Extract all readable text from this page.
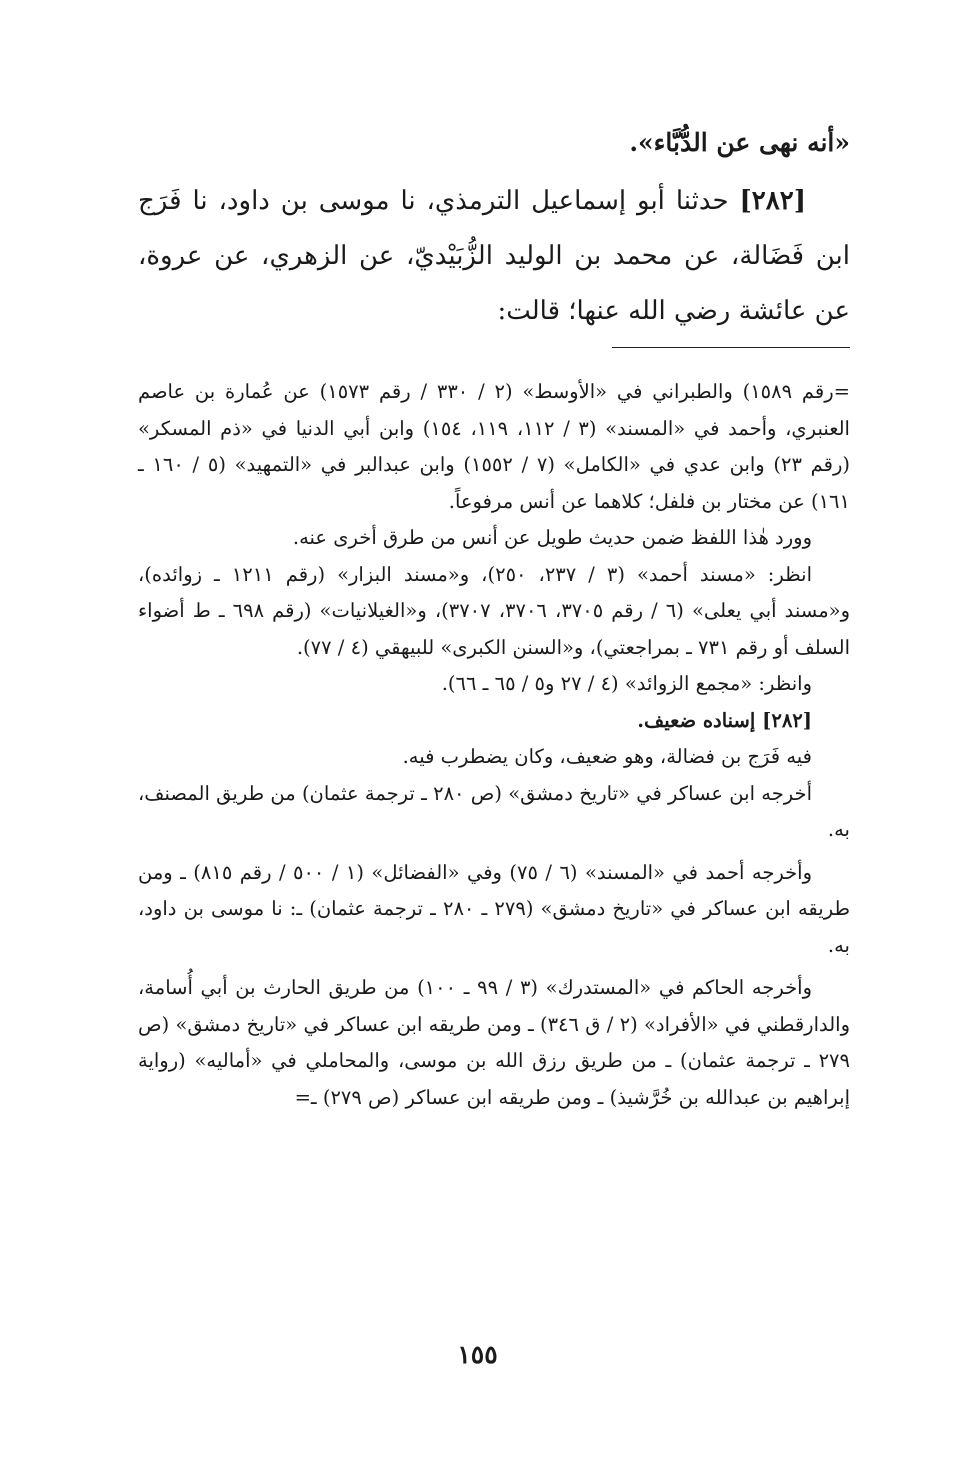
«أنه نهى عن الدُّبَّاء».

[٢٨٢] حدثنا أبو إسماعيل الترمذي، نا موسى بن داود، نا فَرَج ابن فَضَالة، عن محمد بن الوليد الزُّبَيْديّ، عن الزهري، عن عروة، عن عائشة رضي الله عنها؛ قالت:

=رقم ١٥٨٩) والطبراني في «الأوسط» (٢ / ٣٣٠ / رقم ١٥٧٣) عن عُمارة بن عاصم العنبري، وأحمد في «المسند» (٣ / ١١٢، ١١٩، ١٥٤) وابن أبي الدنيا في «ذم المسكر» (رقم ٢٣) وابن عدي في «الكامل» (٧ / ١٥٥٢) وابن عبدالبر في «التمهيد» (٥ / ١٦٠ ـ ١٦١) عن مختار بن فلفل؛ كلاهما عن أنس مرفوعاً.

وورد هٰذا اللفظ ضمن حديث طويل عن أنس من طرق أخرى عنه.

انظر: «مسند أحمد» (٣ / ٢٣٧، ٢٥٠)، و«مسند البزار» (رقم ١٢١١ ـ زوائده)، و«مسند أبي يعلى» (٦ / رقم ٣٧٠٥، ٣٧٠٦، ٣٧٠٧)، و«الغيلانيات» (رقم ٦٩٨ ـ ط أضواء السلف أو رقم ٧٣١ ـ بمراجعتي)، و«السنن الكبرى» للبيهقي (٤ / ٧٧).

وانظر: «مجمع الزوائد» (٤ / ٢٧ و٥ / ٦٥ ـ ٦٦).

[٢٨٢] إسناده ضعيف.

فيه فَرَج بن فضالة، وهو ضعيف، وكان يضطرب فيه.

أخرجه ابن عساكر في «تاريخ دمشق» (ص ٢٨٠ ـ ترجمة عثمان) من طريق المصنف، به.

وأخرجه أحمد في «المسند» (٦ / ٧٥) وفي «الفضائل» (١ / ٥٠٠ / رقم ٨١٥) ـ ومن طريقه ابن عساكر في «تاريخ دمشق» (٢٧٩ ـ ٢٨٠ ـ ترجمة عثمان) ـ: نا موسى بن داود، به.

وأخرجه الحاكم في «المستدرك» (٣ / ٩٩ ـ ١٠٠) من طريق الحارث بن أبي أُسامة، والدارقطني في «الأفراد» (٢ / ق ٣٤٦) ـ ومن طريقه ابن عساكر في «تاريخ دمشق» (ص ٢٧٩ ـ ترجمة عثمان) ـ من طريق رزق الله بن موسى، والمحاملي في «أماليه» (رواية إبراهيم بن عبدالله بن خُرَّشيذ) ـ ومن طريقه ابن عساكر (ص ٢٧٩) ـ=

١٥٥
